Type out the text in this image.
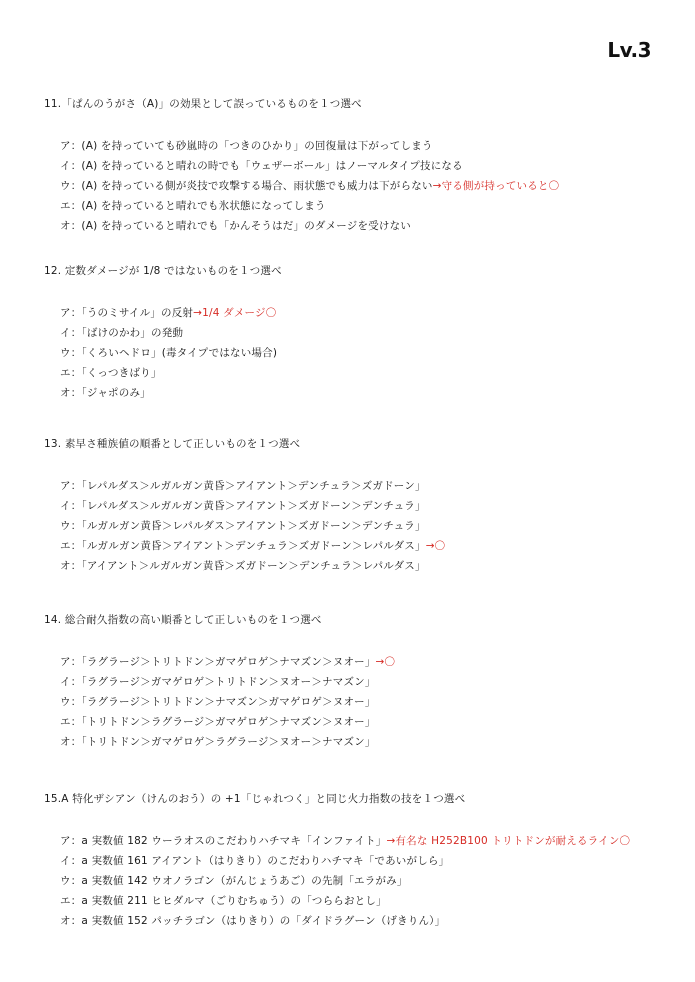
Lv.3
11.「ぱんのうがさ（A)」の効果として誤っているものを１つ選べ
ア：(A) を持っていても砂嵐時の「つきのひかり」の回復量は下がってしまう
イ：(A) を持っていると晴れの時でも「ウェザーボール」はノーマルタイプ技になる
ウ：(A) を持っている側が炎技で攻撃する場合、雨状態でも威力は下がらない→守る側が持っていると〇
エ：(A) を持っていると晴れでも氷状態になってしまう
オ：(A) を持っていると晴れでも「かんそうはだ」のダメージを受けない
12. 定数ダメージが 1/8 ではないものを１つ選べ
ア：「うのミサイル」の反射→1/4 ダメージ〇
イ：「ばけのかわ」の発動
ウ：「くろいヘドロ」(毒タイプではない場合)
エ：「くっつきばり」
オ：「ジャポのみ」
13. 素早さ種族値の順番として正しいものを１つ選べ
ア：「レパルダス＞ルガルガン黄昏＞アイアント＞デンチュラ＞ズガドーン」
イ：「レパルダス＞ルガルガン黄昏＞アイアント＞ズガドーン＞デンチュラ」
ウ：「ルガルガン黄昏＞レパルダス＞アイアント＞ズガドーン＞デンチュラ」
エ：「ルガルガン黄昏＞アイアント＞デンチュラ＞ズガドーン＞レパルダス」→〇
オ：「アイアント＞ルガルガン黄昏＞ズガドーン＞デンチュラ＞レパルダス」
14. 総合耐久指数の高い順番として正しいものを１つ選べ
ア：「ラグラージ＞トリトドン＞ガマゲロゲ＞ナマズン＞ヌオー」→〇
イ：「ラグラージ＞ガマゲロゲ＞トリトドン＞ヌオー＞ナマズン」
ウ：「ラグラージ＞トリトドン＞ナマズン＞ガマゲロゲ＞ヌオー」
エ：「トリトドン＞ラグラージ＞ガマゲロゲ＞ナマズン＞ヌオー」
オ：「トリトドン＞ガマゲロゲ＞ラグラージ＞ヌオー＞ナマズン」
15.A 特化ザシアン（けんのおう）の +1「じゃれつく」と同じ火力指数の技を１つ選べ
ア：a 実数値 182 ウーラオスのこだわりハチマキ「インファイト」→有名な H252B100 トリトドンが耐えるライン〇
イ：a 実数値 161 アイアント（はりきり）のこだわりハチマキ「であいがしら」
ウ：a 実数値 142 ウオノラゴン（がんじょうあご）の先制「エラがみ」
エ：a 実数値 211 ヒヒダルマ（ごりむちゅう）の「つららおとし」
オ：a 実数値 152 パッチラゴン（はりきり）の「ダイドラグーン（げきりん）」
